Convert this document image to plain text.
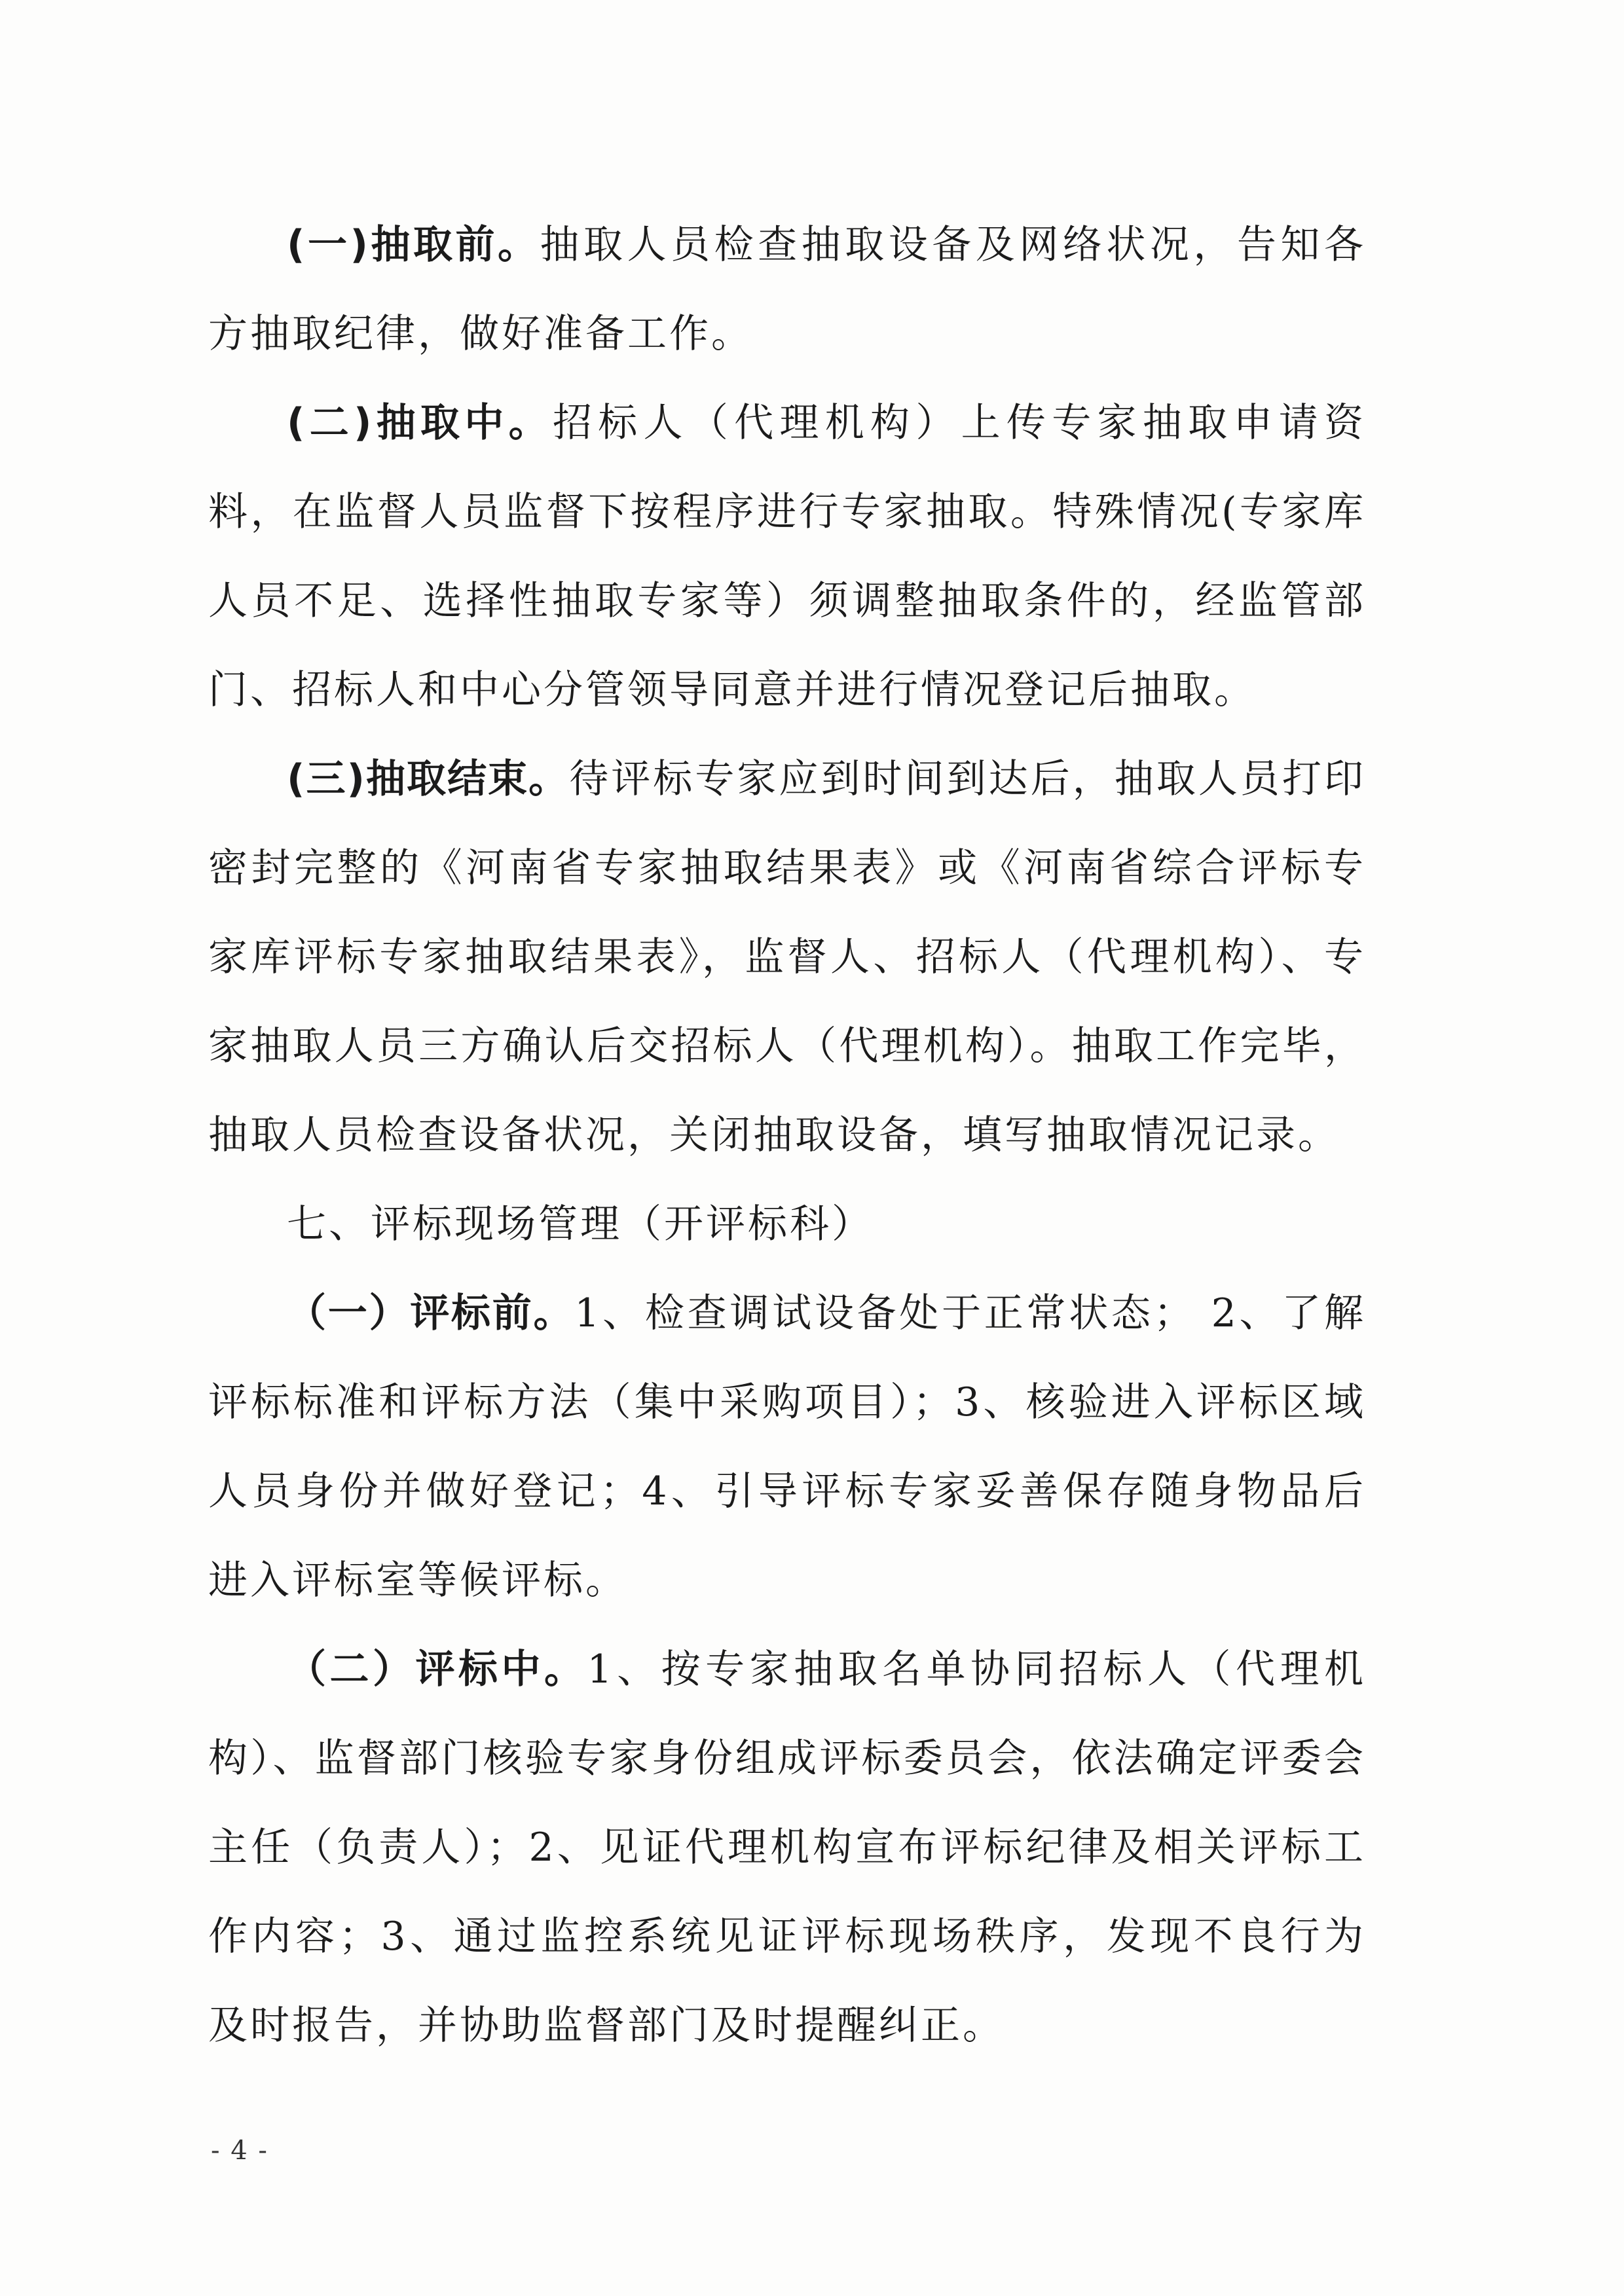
(一)抽取前。抽取人员检查抽取设备及网络状况，告知各方抽取纪律，做好准备工作。

(二)抽取中。招标人（代理机构）上传专家抽取申请资料，在监督人员监督下按程序进行专家抽取。特殊情况(专家库人员不足、选择性抽取专家等）须调整抽取条件的，经监管部门、招标人和中心分管领导同意并进行情况登记后抽取。

(三)抽取结束。待评标专家应到时间到达后，抽取人员打印密封完整的《河南省专家抽取结果表》或《河南省综合评标专家库评标专家抽取结果表》，监督人、招标人（代理机构）、专家抽取人员三方确认后交招标人（代理机构）。抽取工作完毕，抽取人员检查设备状况，关闭抽取设备，填写抽取情况记录。

七、评标现场管理（开评标科）

（一）评标前。1、检查调试设备处于正常状态； 2、了解评标标准和评标方法（集中采购项目）；3、核验进入评标区域人员身份并做好登记；4、引导评标专家妥善保存随身物品后进入评标室等候评标。

（二）评标中。1、按专家抽取名单协同招标人（代理机构）、监督部门核验专家身份组成评标委员会，依法确定评委会主任（负责人）；2、见证代理机构宣布评标纪律及相关评标工作内容；3、通过监控系统见证评标现场秩序，发现不良行为及时报告，并协助监督部门及时提醒纠正。

- 4 -
